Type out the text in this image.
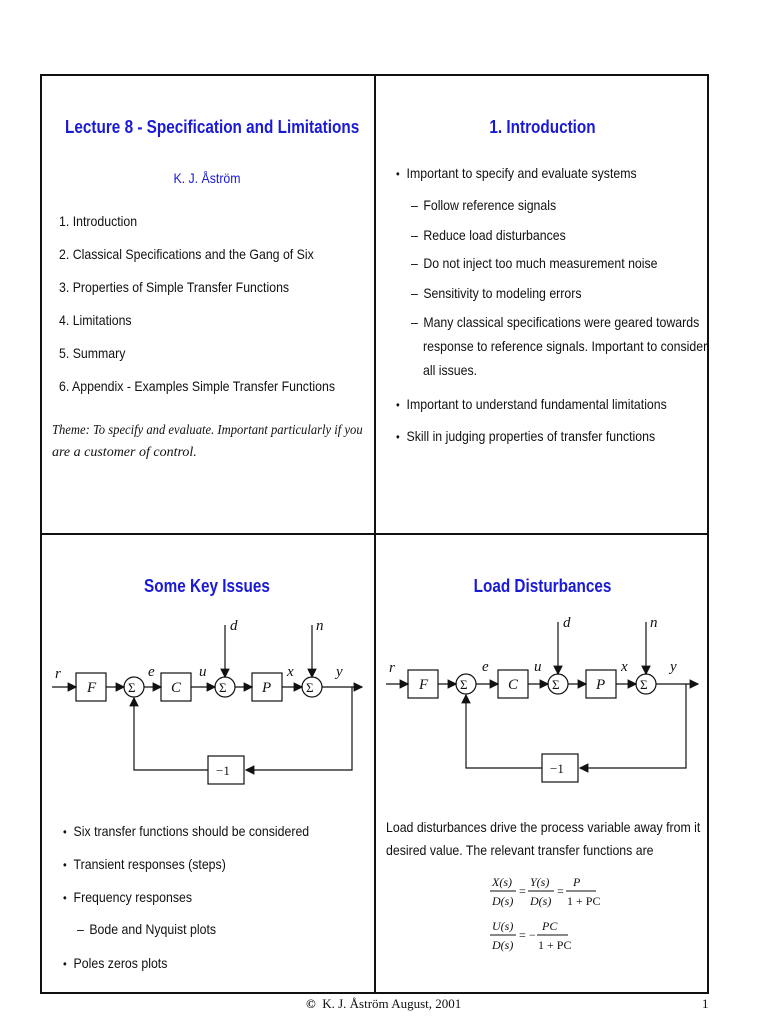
Lecture 8 - Specification and Limitations
K. J. Åström
1. Introduction
2. Classical Specifications and the Gang of Six
3. Properties of Simple Transfer Functions
4. Limitations
5. Summary
6. Appendix - Examples Simple Transfer Functions
Theme: To specify and evaluate. Important particularly if you
are a customer of control.
1. Introduction
• Important to specify and evaluate systems
– Follow reference signals
– Reduce load disturbances
– Do not inject too much measurement noise
– Sensitivity to modeling errors
– Many classical specifications were geared towards
response to reference signals. Important to consider
all issues.
• Important to understand fundamental limitations
• Skill in judging properties of transfer functions
Some Key Issues
r
F Σ
e
C
u
Σ
d
P
x
Σ
n
y
−1
• Six transfer functions should be considered
• Transient responses (steps)
• Frequency responses
– Bode and Nyquist plots
• Poles zeros plots
Load Disturbances
r
F Σ
e
C
u
Σ
d
P
x
Σ
n
y
−1
Load disturbances drive the process variable away from it
desired value. The relevant transfer functions are
X(s)
D(s)
=
Y(s)
D(s)
=
P
1 + PC
U(s)
D(s)
= −
PC
1 + PC
© K. J. Åström August, 2001	1
